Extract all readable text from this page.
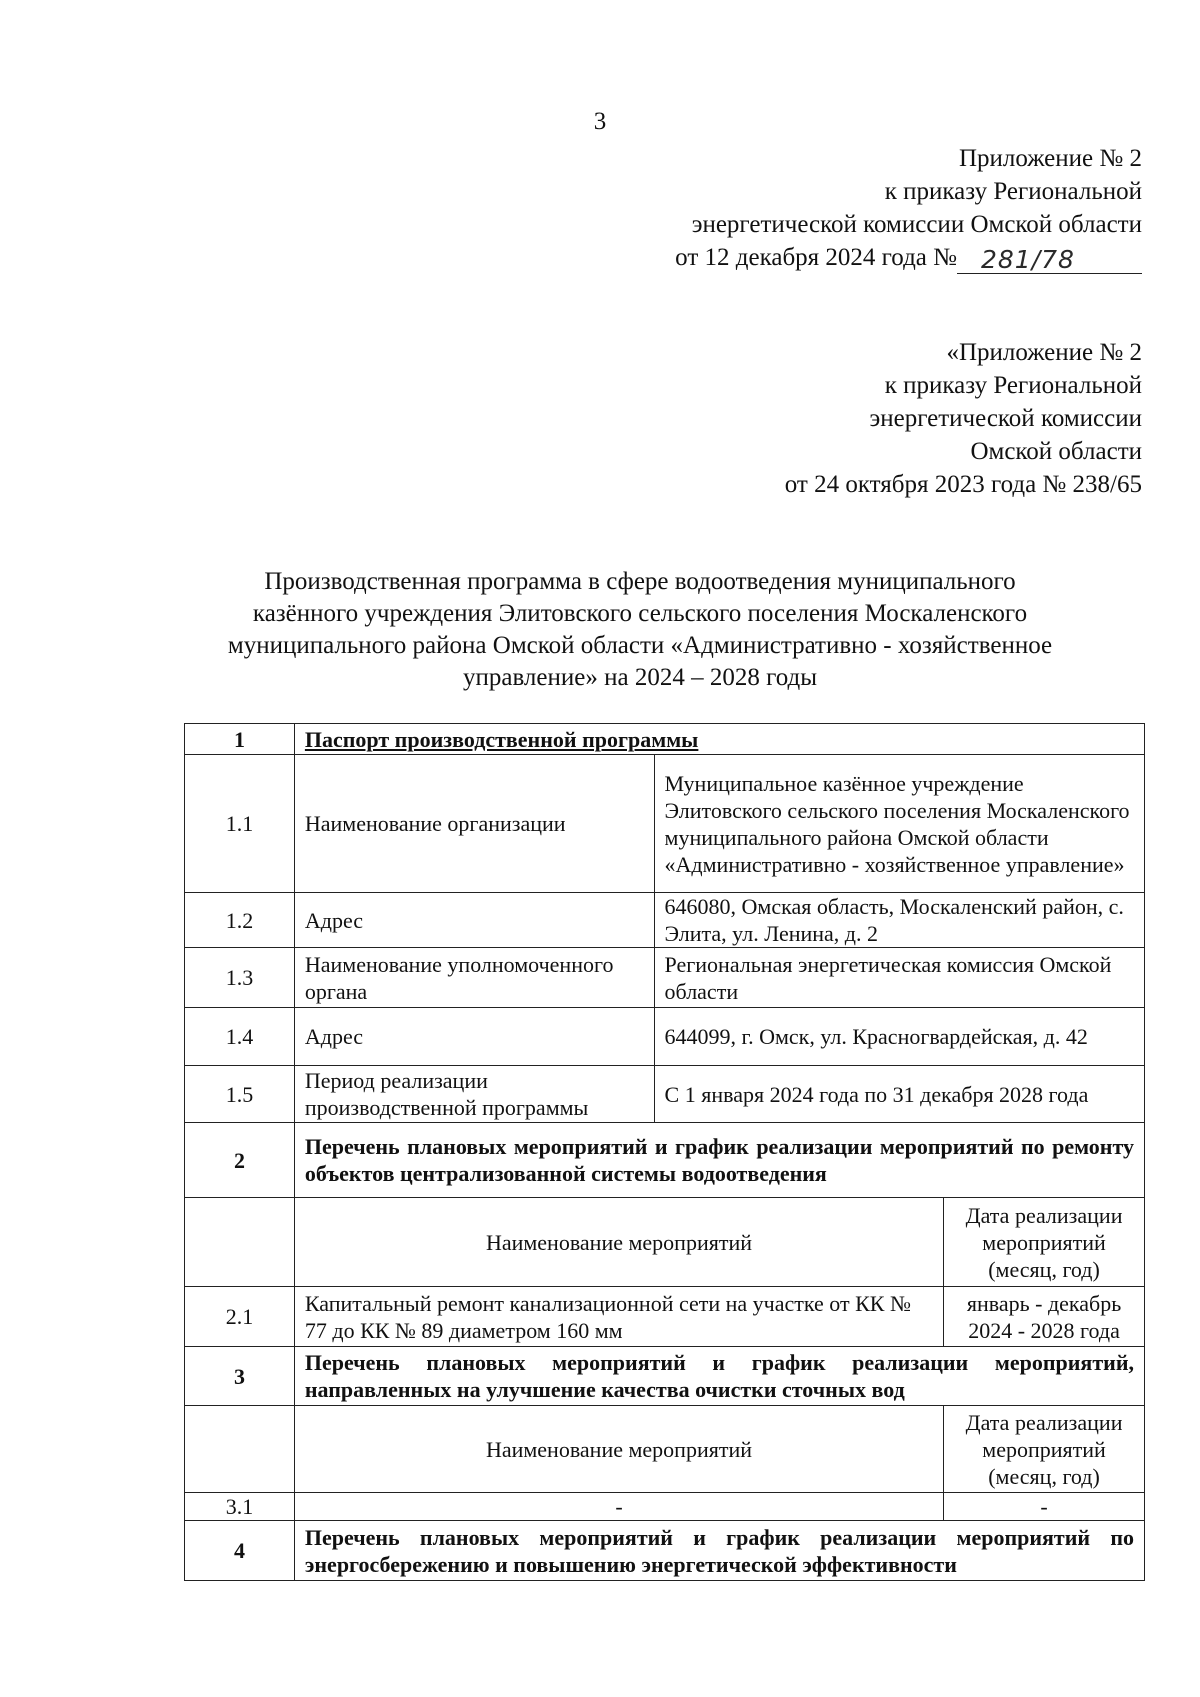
3
Приложение № 2
к приказу Региональной
энергетической комиссии Омской области
от 12 декабря 2024 года № 281/78
«Приложение № 2
к приказу Региональной
энергетической комиссии
Омской области
от 24 октября 2023 года № 238/65
Производственная программа в сфере водоотведения муниципального
казённого учреждения Элитовского сельского поселения Москаленского
муниципального района Омской области «Административно - хозяйственное
управление» на 2024 – 2028 годы
1	Паспорт производственной программы		
1.1	Наименование организации	Муниципальное казённое учреждение Элитовского сельского поселения Москаленского муниципального района Омской области «Административно - хозяйственное управление»	
1.2	Адрес	646080, Омская область, Москаленский район, с. Элита, ул. Ленина, д. 2	
1.3	Наименование уполномоченного органа	Региональная энергетическая комиссия Омской области	
1.4	Адрес	644099, г. Омск, ул. Красногвардейская, д. 42	
1.5	Период реализации производственной программы	С 1 января 2024 года по 31 декабря 2028 года	
2	Перечень плановых мероприятий и график реализации мероприятий по ремонту объектов централизованной системы водоотведения		
	Наименование мероприятий		Дата реализации мероприятий (месяц, год)
2.1	Капитальный ремонт канализационной сети на участке от КК № 77 до КК № 89 диаметром 160 мм		январь - декабрь 2024 - 2028 года
3	Перечень плановых мероприятий и график реализации мероприятий, направленных на улучшение качества очистки сточных вод		
	Наименование мероприятий		Дата реализации мероприятий (месяц, год)
3.1	-		-
4	Перечень плановых мероприятий и график реализации мероприятий по энергосбережению и повышению энергетической эффективности		
